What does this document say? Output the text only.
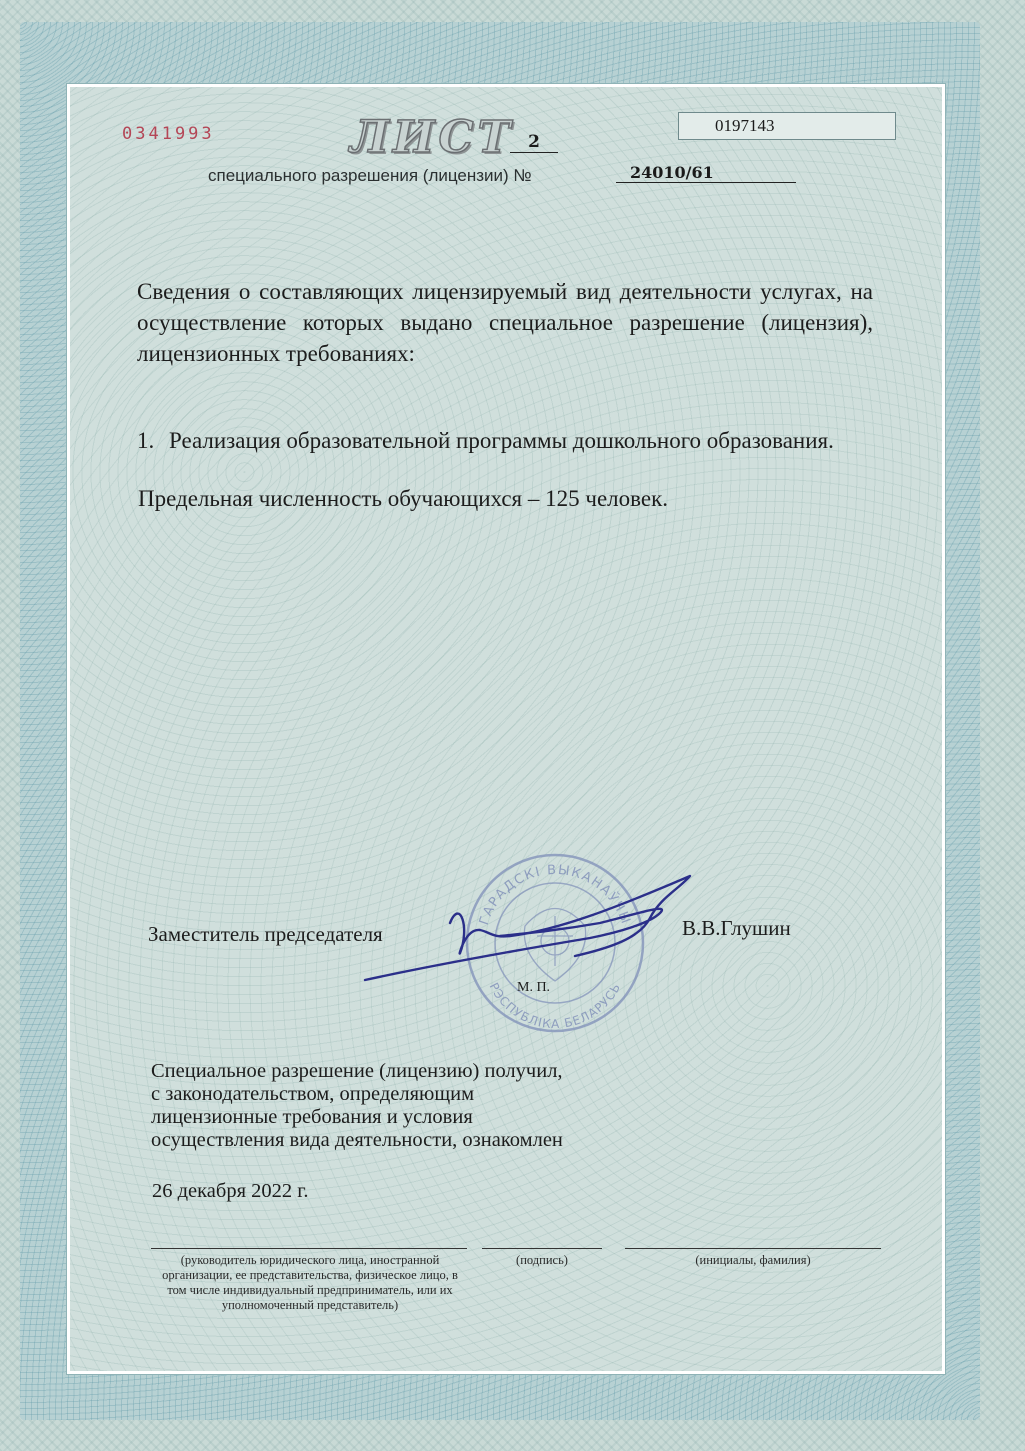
0341993	ЛИСТ 2
0197143
специального разрешения (лицензии) №	24010/61
Сведения о составляющих лицензируемый вид деятельности услугах, на осуществление которых выдано специальное разрешение (лицензия), лицензионных требованиях:
1. Реализация образовательной программы дошкольного образования.
Предельная численность обучающихся – 125 человек.
ГАРАДСКІ ВЫКАНАЎЧЫ
РЭСПУБЛІКА БЕЛАРУСЬ
Заместитель председателя	В.В.Глушин
М. П.
Специальное разрешение (лицензию) получил,
с законодательством, определяющим
лицензионные требования и условия
осуществления вида деятельности, ознакомлен
26 декабря 2022 г.
(руководитель юридического лица, иностранной организации, ее представительства, физическое лицо, в том числе индивидуальный предприниматель, или их уполномоченный представитель)
(подпись)	(инициалы, фамилия)
